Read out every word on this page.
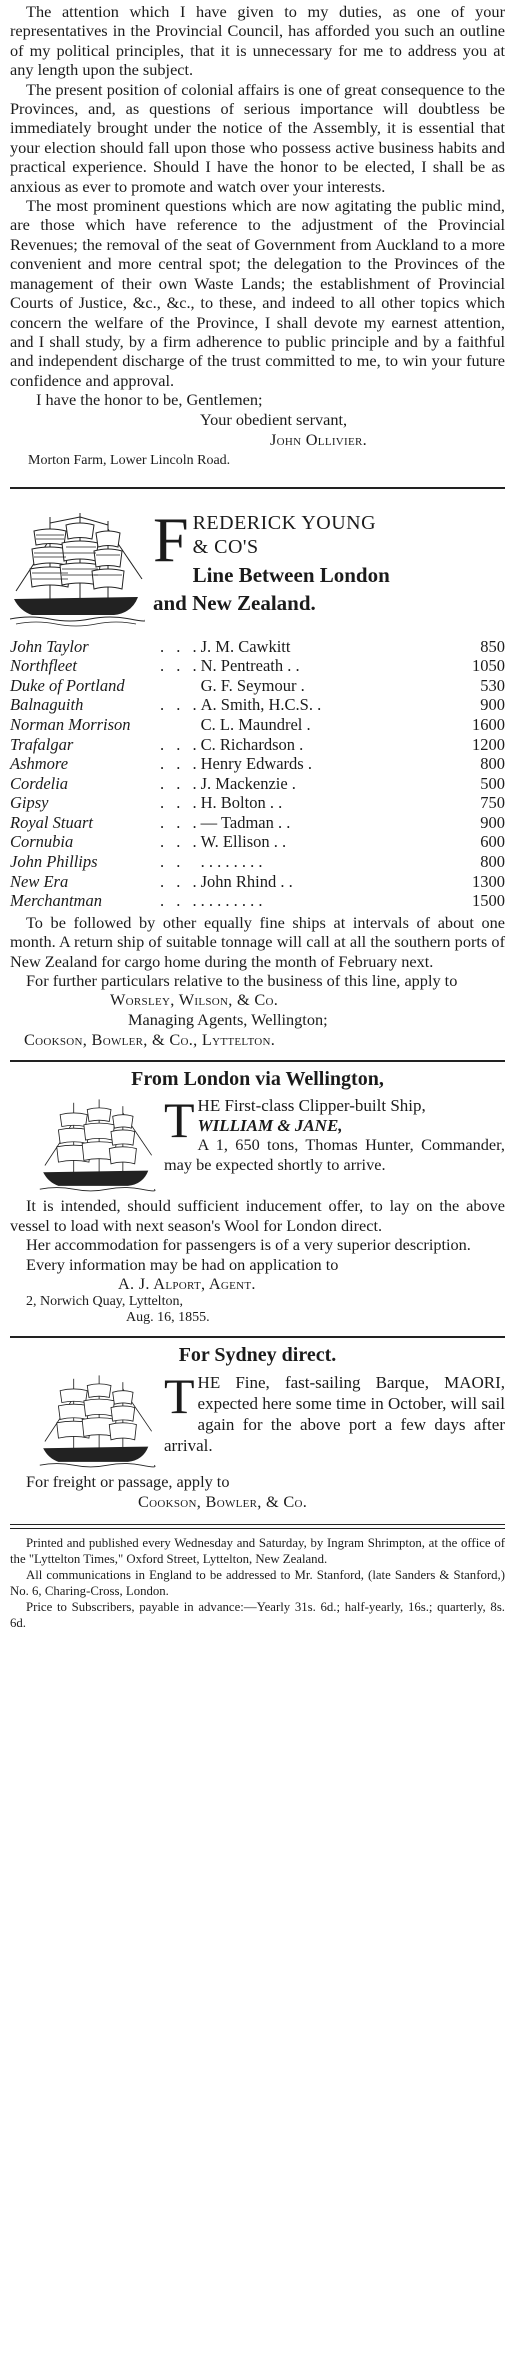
The attention which I have given to my duties, as one of your representatives in the Provincial Council, has afforded you such an outline of my political principles, that it is unnecessary for me to address you at any length upon the subject.

The present position of colonial affairs is one of great consequence to the Provinces, and, as questions of serious importance will doubtless be immediately brought under the notice of the Assembly, it is essential that your election should fall upon those who possess active business habits and practical experience. Should I have the honor to be elected, I shall be as anxious as ever to promote and watch over your interests.

The most prominent questions which are now agitating the public mind, are those which have reference to the adjustment of the Provincial Revenues; the removal of the seat of Government from Auckland to a more convenient and more central spot; the delegation to the Provinces of the management of their own Waste Lands; the establishment of Provincial Courts of Justice, &c., &c., to these, and indeed to all other topics which concern the welfare of the Province, I shall devote my earnest attention, and I shall study, by a firm adherence to public principle and by a faithful and independent discharge of the trust committed to me, to win your future confidence and approval.

I have the honor to be, Gentlemen;

Your obedient servant,

John Ollivier.

Morton Farm, Lower Lincoln Road.

F REDERICK YOUNG
& CO'S
Line Between London
and New Zealand.
John Taylor	. . .	J. M. Cawkitt	850
Northfleet	. . .	N. Pentreath . .	1050
Duke of Portland		G. F. Seymour .	530
Balnaguith	. . .	A. Smith, H.C.S. .	900
Norman Morrison		C. L. Maundrel .	1600
Trafalgar	. . .	C. Richardson .	1200
Ashmore	. . .	Henry Edwards .	800
Cordelia	. . .	J. Mackenzie .	500
Gipsy	. . .	H. Bolton . .	750
Royal Stuart	. . .	— Tadman . .	900
Cornubia	. . .	W. Ellison . .	600
John Phillips	. .	. . . . . . . .	800
New Era	. . .	John Rhind . .	1300
Merchantman	. . .	. . . . . . . .	1500

To be followed by other equally fine ships at intervals of about one month. A return ship of suitable tonnage will call at all the southern ports of New Zealand for cargo home during the month of February next.

For further particulars relative to the business of this line, apply to

Worsley, Wilson, & Co.

Managing Agents, Wellington;

Cookson, Bowler, & Co., Lyttelton.

From London via Wellington,
T HE First-class Clipper-built Ship,

WILLIAM & JANE,

A 1, 650 tons, Thomas Hunter, Commander, may be expected shortly to arrive.

It is intended, should sufficient inducement offer, to lay on the above vessel to load with next season's Wool for London direct.

Her accommodation for passengers is of a very superior description.

Every information may be had on application to

A. J. Alport, Agent.

2, Norwich Quay, Lyttelton,

Aug. 16, 1855.

For Sydney direct.
T HE Fine, fast-sailing Barque, MAORI, expected here some time in October, will sail again for the above port a few days after arrival.

For freight or passage, apply to

Cookson, Bowler, & Co.

Printed and published every Wednesday and Saturday, by Ingram Shrimpton, at the office of the "Lyttelton Times," Oxford Street, Lyttelton, New Zealand.

All communications in England to be addressed to Mr. Stanford, (late Sanders & Stanford,) No. 6, Charing-Cross, London.

Price to Subscribers, payable in advance:—Yearly 31s. 6d.; half-yearly, 16s.; quarterly, 8s. 6d.
